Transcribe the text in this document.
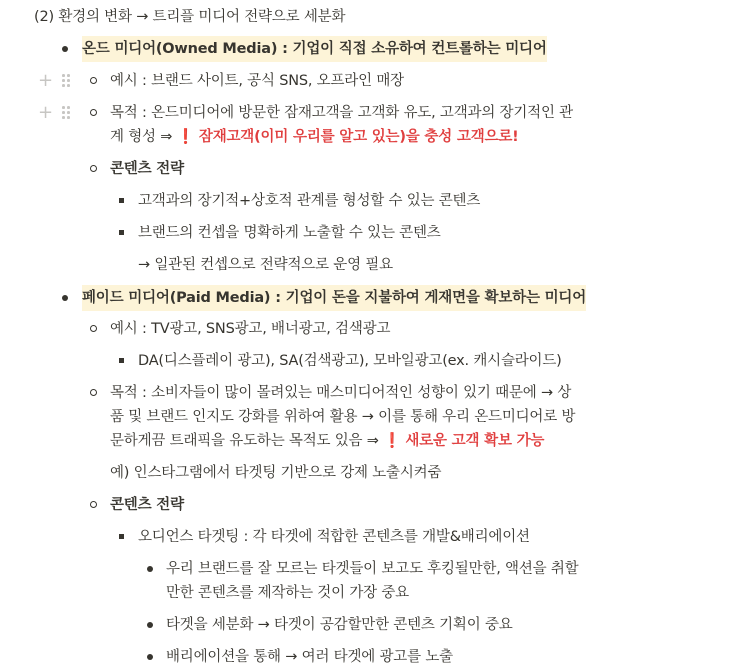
(2) 환경의 변화 → 트리플 미디어 전략으로 세분화
온드 미디어(Owned Media) : 기업이 직접 소유하여 컨트롤하는 미디어
+	예시 : 브랜드 사이트, 공식 SNS, 오프라인 매장
+	목적 : 온드미디어에 방문한 잠재고객을 고객화 유도, 고객과의 장기적인 관
계 형성 ⇒ ❗ 잠재고객(이미 우리를 알고 있는)을 충성 고객으로!
콘텐츠 전략
고객과의 장기적+상호적 관계를 형성할 수 있는 콘텐츠
브랜드의 컨셉을 명확하게 노출할 수 있는 콘텐츠
→ 일관된 컨셉으로 전략적으로 운영 필요
페이드 미디어(Paid Media) : 기업이 돈을 지불하여 게재면을 확보하는 미디어
예시 : TV광고, SNS광고, 배너광고, 검색광고
DA(디스플레이 광고), SA(검색광고), 모바일광고(ex. 캐시슬라이드)
목적 : 소비자들이 많이 몰려있는 매스미디어적인 성향이 있기 때문에 → 상
품 및 브랜드 인지도 강화를 위하여 활용 → 이를 통해 우리 온드미디어로 방
문하게끔 트래픽을 유도하는 목적도 있음 ⇒ ❗ 새로운 고객 확보 가능
예) 인스타그램에서 타겟팅 기반으로 강제 노출시켜줌
콘텐츠 전략
오디언스 타겟팅 : 각 타겟에 적합한 콘텐츠를 개발&배리에이션
우리 브랜드를 잘 모르는 타겟들이 보고도 후킹될만한, 액션을 취할
만한 콘텐츠를 제작하는 것이 가장 중요
타겟을 세분화 → 타겟이 공감할만한 콘텐츠 기획이 중요
배리에이션을 통해 → 여러 타겟에 광고를 노출
